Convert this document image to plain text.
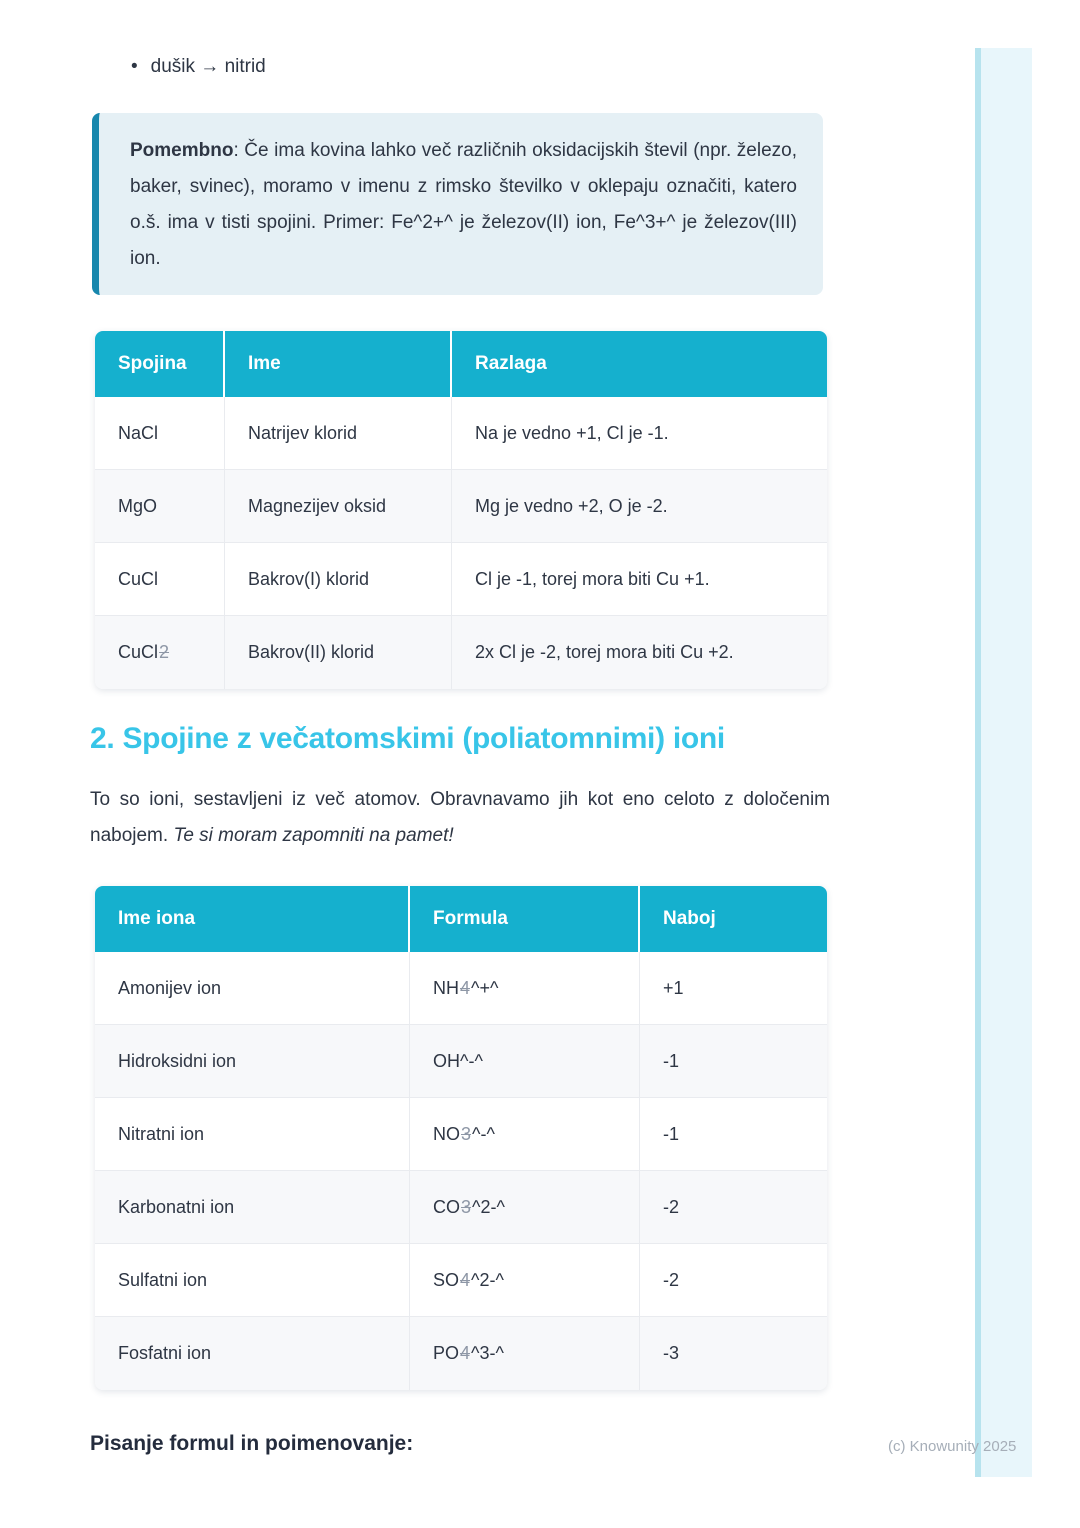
• dušik → nitrid
Pomembno: Če ima kovina lahko več različnih oksidacijskih števil (npr. železo, baker, svinec), moramo v imenu z rimsko številko v oklepaju označiti, katero o.š. ima v tisti spojini. Primer: Fe^2+^ je železov(II) ion, Fe^3+^ je železov(III) ion.
Spojina	Ime	Razlaga
NaCl	Natrijev klorid	Na je vedno +1, Cl je -1.
MgO	Magnezijev oksid	Mg je vedno +2, O je -2.
CuCl	Bakrov(I) klorid	Cl je -1, torej mora biti Cu +1.
CuCl 2	Bakrov(II) klorid	2x Cl je -2, torej mora biti Cu +2.
2. Spojine z večatomskimi (poliatomnimi) ioni
To so ioni, sestavljeni iz več atomov. Obravnavamo jih kot eno celoto z določenim nabojem. Te si moram zapomniti na pamet!
Ime iona	Formula	Naboj
Amonijev ion	NH 4 ^+^	+1
Hidroksidni ion	OH^-^	-1
Nitratni ion	NO 3 ^-^	-1
Karbonatni ion	CO 3 ^2-^	-2
Sulfatni ion	SO 4 ^2-^	-2
Fosfatni ion	PO 4 ^3-^	-3
Pisanje formul in poimenovanje:	(c) Knowunity 2025
